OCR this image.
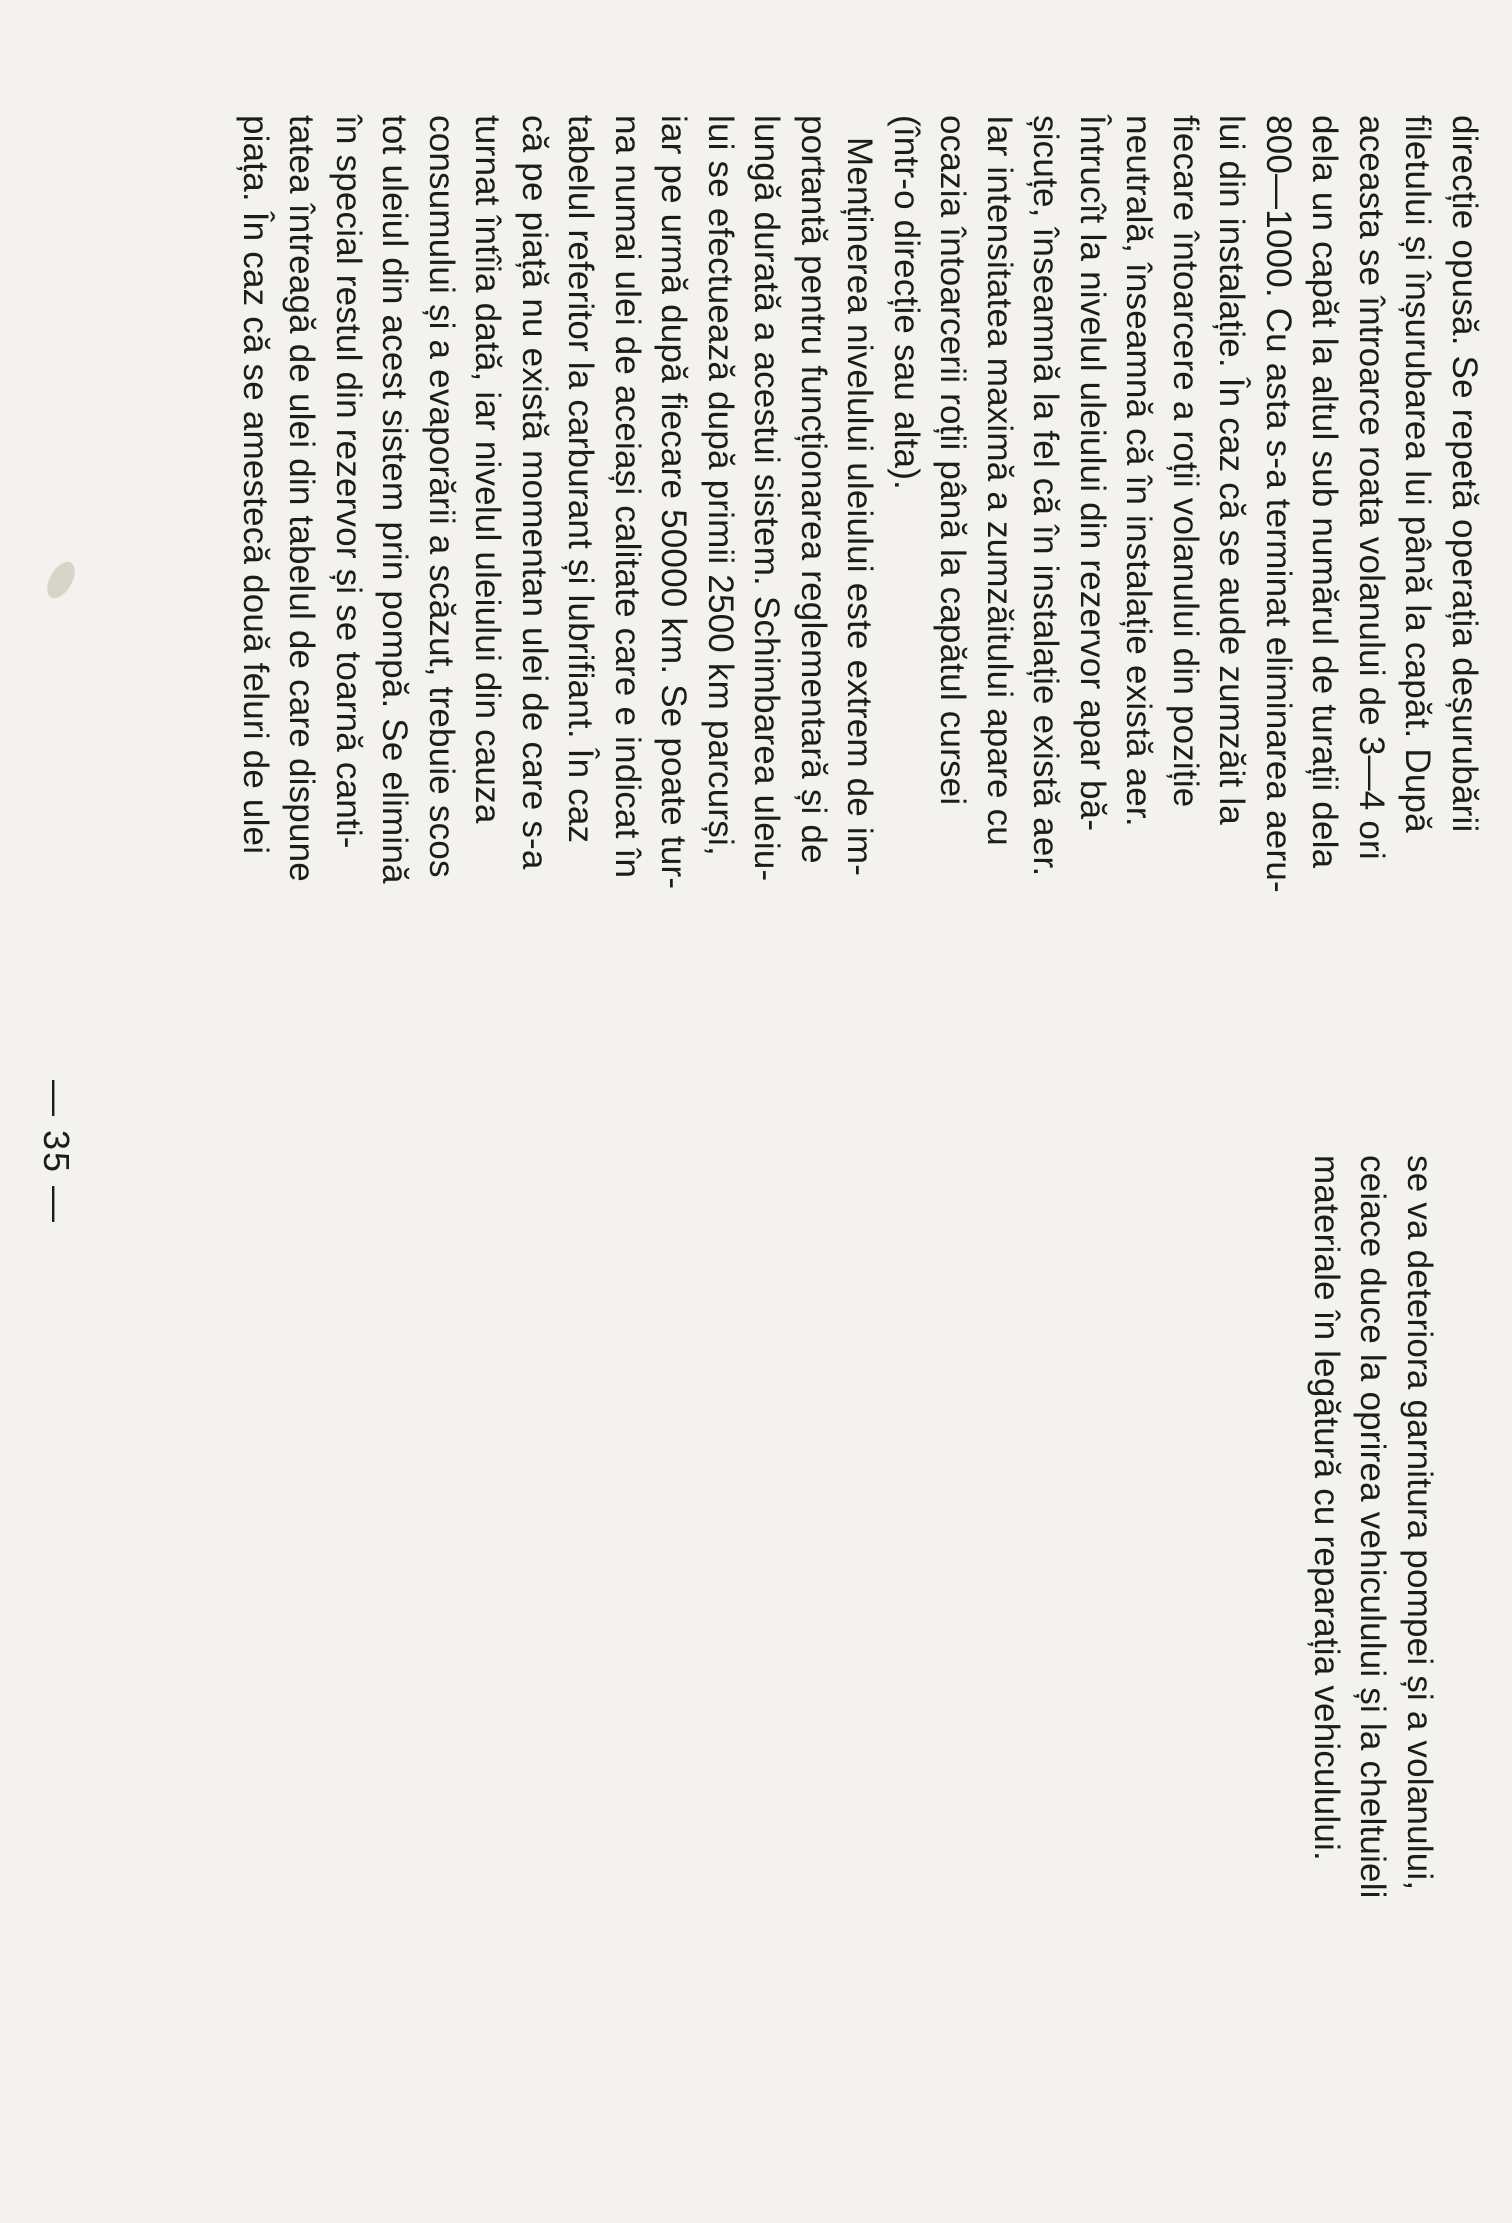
direcție opusă. Se repetă operația deșurubării
filetului și înșurubarea lui până la capăt. După
aceasta se întroarce roata volanului de 3—4 ori
dela un capăt la altul sub numărul de turații dela
800—1000. Cu asta s-a terminat eliminarea aeru-
lui din instalație. În caz că se aude zumzăit la
fiecare întoarcere a roții volanului din poziție
neutrală, înseamnă că în instalație există aer.
Întrucît la nivelul uleiului din rezervor apar bă-
șicuțe, înseamnă la fel că în instalație există aer.
Iar intensitatea maximă a zumzăitului apare cu
ocazia întoarcerii roții până la capătul cursei
(într-o direcție sau alta).

Menținerea nivelului uleiului este extrem de im-
portantă pentru funcționarea reglementară și de
lungă durată a acestui sistem. Schimbarea uleiu-
lui se efectuează după primii 2500 km parcurși,
iar pe urmă după fiecare 50000 km. Se poate tur-
na numai ulei de aceiași calitate care e indicat în
tabelul referitor la carburant și lubrifiant. În caz
că pe piață nu există momentan ulei de care s-a
turnat întîia dată, iar nivelul uleiului din cauza
consumului și a evaporării a scăzut, trebuie scos
tot uleiul din acest sistem prin pompă. Se elimină
în special restul din rezervor și se toarnă canti-
tatea întreagă de ulei din tabelul de care dispune
piața. În caz că se amestecă două feluri de ulei

se va deteriora garnitura pompei și a volanului,
ceiace duce la oprirea vehiculului și la cheltuieli
materiale în legătură cu reparația vehiculului.

— 35 —
